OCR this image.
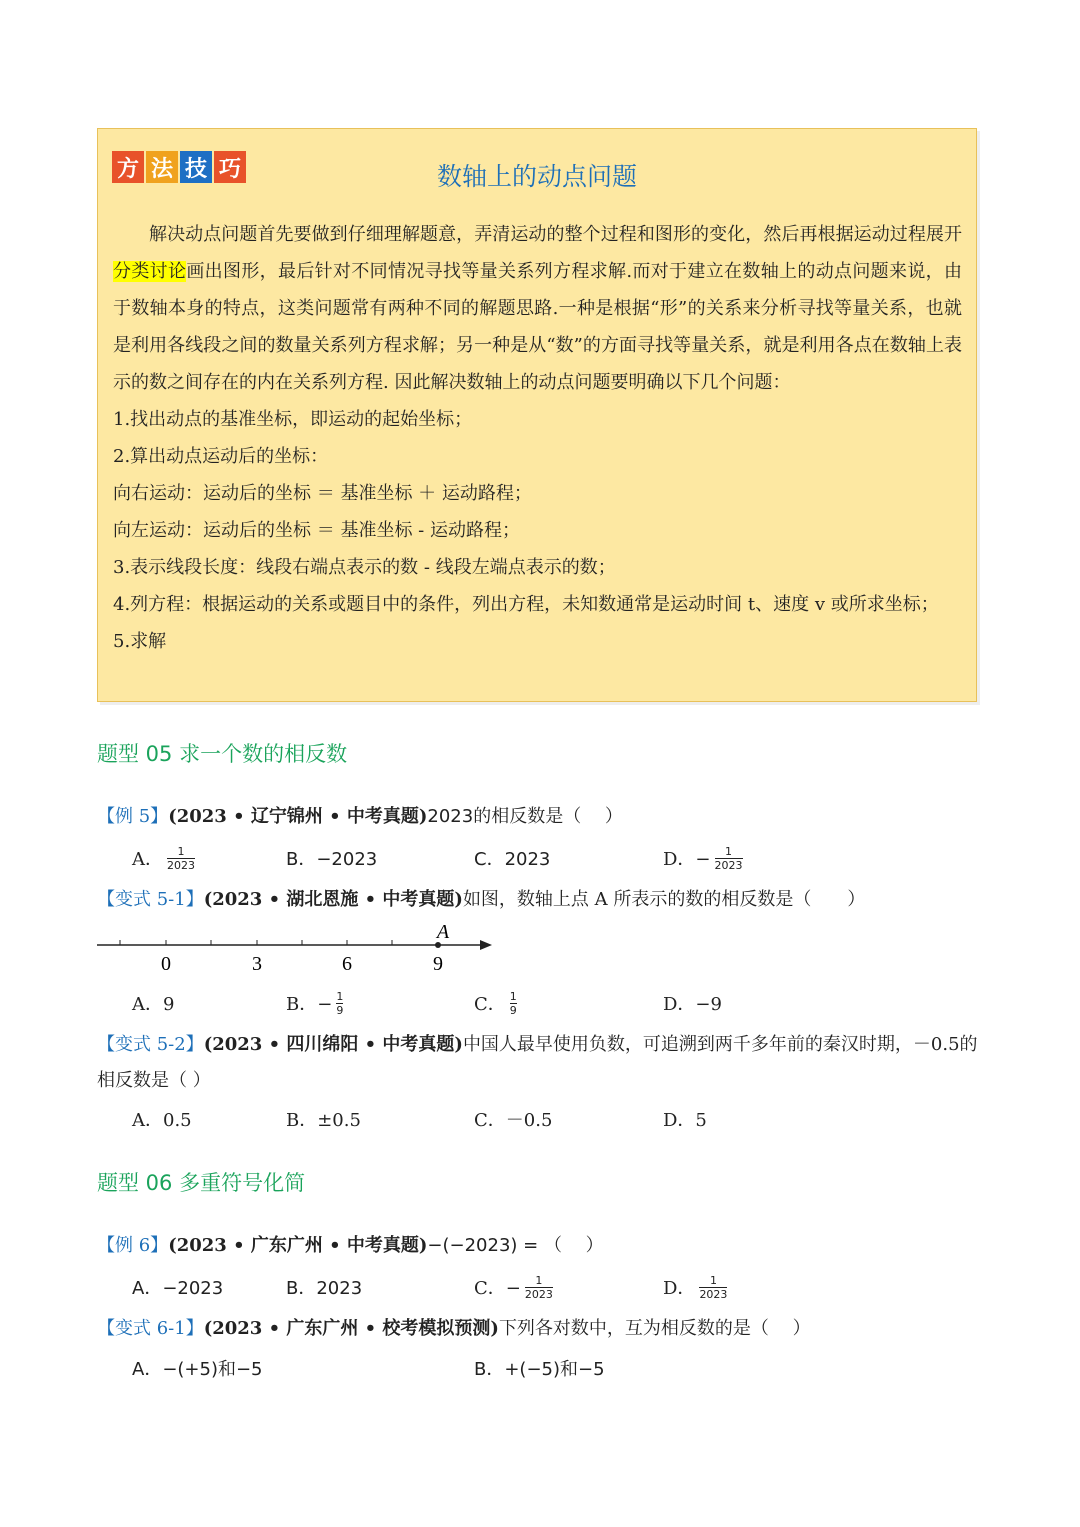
方 法 技 巧	数轴上的动点问题

解决动点问题首先要做到仔细理解题意，弄清运动的整个过程和图形的变化，然后再根据运动过程展开分类讨论画出图形，最后针对不同情况寻找等量关系列方程求解.而对于建立在数轴上的动点问题来说，由于数轴本身的特点，这类问题常有两种不同的解题思路.一种是根据“形”的关系来分析寻找等量关系，也就是利用各线段之间的数量关系列方程求解；另一种是从“数”的方面寻找等量关系，就是利用各点在数轴上表示的数之间存在的内在关系列方程. 因此解决数轴上的动点问题要明确以下几个问题：

1.找出动点的基准坐标，即运动的起始坐标；

2.算出动点运动后的坐标：

向右运动：运动后的坐标 ＝ 基准坐标 ＋ 运动路程；

向左运动：运动后的坐标 ＝ 基准坐标 - 运动路程；

3.表示线段长度：线段右端点表示的数 - 线段左端点表示的数；

4.列方程：根据运动的关系或题目中的条件，列出方程，未知数通常是运动时间 t、速度 v 或所求坐标；

5.求解

题型 05 求一个数的相反数
【例 5】(2023 • 辽宁锦州 • 中考真题)2023的相反数是（　 ）
A． $\frac{1}{2023}$	B．−2023	C．2023	D．− $\frac{1}{2023}$
【变式 5-1】(2023 • 湖北恩施 • 中考真题)如图，数轴上点 A 所表示的数的相反数是（　　）
0	3	6	9
A
A．9	B．− $\frac{1}{9}$	C． $\frac{1}{9}$	D．−9
【变式 5-2】(2023 • 四川绵阳 • 中考真题)中国人最早使用负数，可追溯到两千多年前的秦汉时期，－0.5的相反数是（ ）
A．0.5	B．±0.5	C．－0.5	D．5
题型 06 多重符号化简
【例 6】(2023 • 广东广州 • 中考真题)−(−2023) = （　 ）
A．−2023	B．2023	C．− $\frac{1}{2023}$	D． $\frac{1}{2023}$
【变式 6-1】(2023 • 广东广州 • 校考模拟预测)下列各对数中，互为相反数的是（　 ）
A．−(+5)和−5	B．+(−5)和−5
